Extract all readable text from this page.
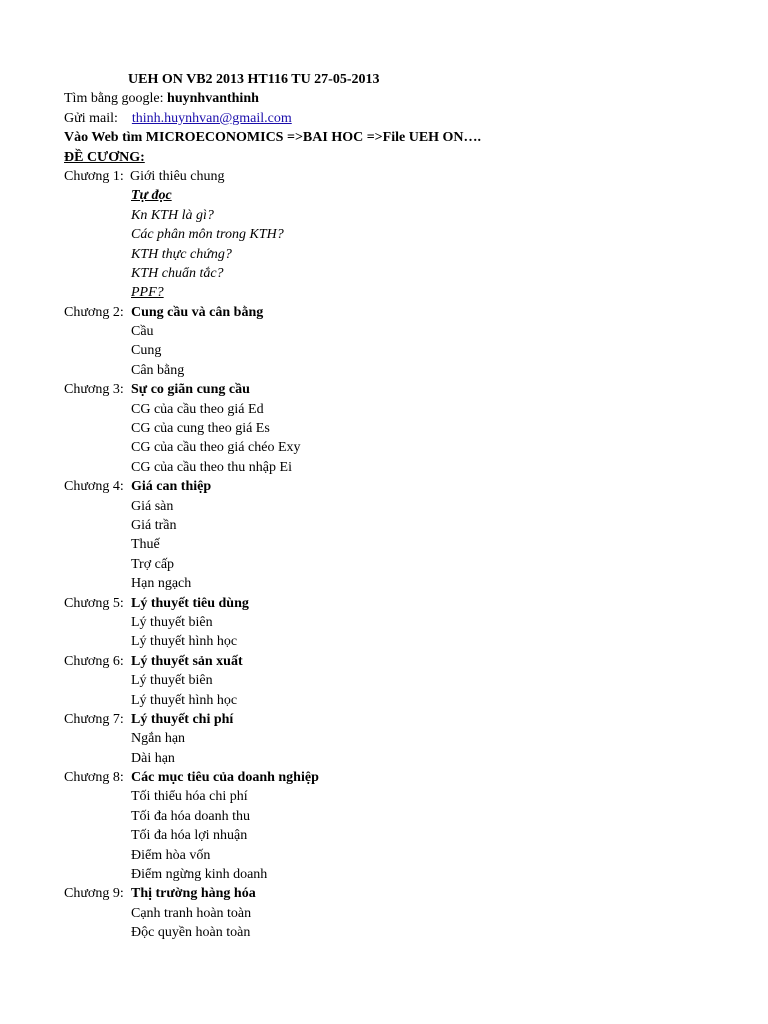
UEH ON VB2 2013 HT116 TU 27-05-2013
Tìm bằng google: huynhvanthinh
Gửi mail: thinh.huynhvan@gmail.com
Vào Web tìm MICROECONOMICS =>BAI HOC =>File UEH ON….
ĐỀ CƯƠNG:
Chương 1: Giới thiêu chung
Tự đọc
Kn KTH là gì?
Các phân môn trong KTH?
KTH thực chứng?
KTH chuẩn tắc?
PPF?
Chương 2: Cung cầu và cân bằng
Cầu
Cung
Cân bằng
Chương 3: Sự co giãn cung cầu
CG của cầu theo giá Ed
CG của cung theo giá Es
CG của cầu theo giá chéo Exy
CG của cầu theo thu nhập Ei
Chương 4: Giá can thiệp
Giá sàn
Giá trần
Thuế
Trợ cấp
Hạn ngạch
Chương 5: Lý thuyết tiêu dùng
Lý thuyết biên
Lý thuyết hình học
Chương 6: Lý thuyết sản xuất
Lý thuyết biên
Lý thuyết hình học
Chương 7: Lý thuyết chi phí
Ngắn hạn
Dài hạn
Chương 8: Các mục tiêu của doanh nghiệp
Tối thiểu hóa chi phí
Tối đa hóa doanh thu
Tối đa hóa lợi nhuận
Điểm hòa vốn
Điểm ngừng kinh doanh
Chương 9: Thị trường hàng hóa
Cạnh tranh hoàn toàn
Độc quyền hoàn toàn
